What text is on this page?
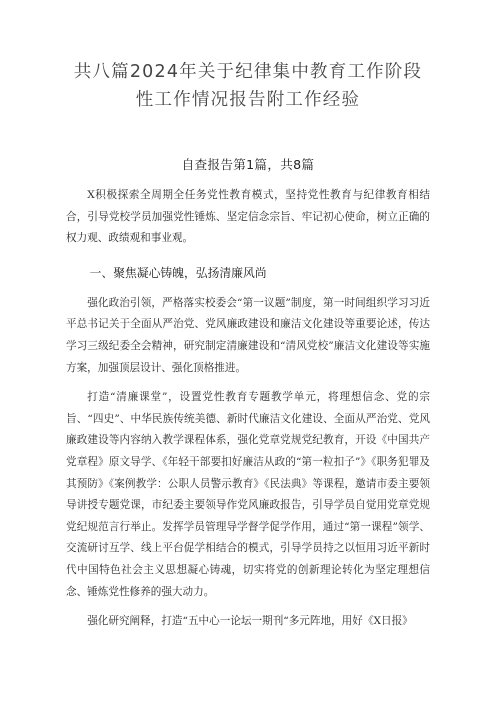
共八篇2024年关于纪律集中教育工作阶段性工作情况报告附工作经验
自查报告第1篇，共8篇

X积极探索全周期全任务党性教育模式，坚持党性教育与纪律教育相结合，引导党校学员加强党性锤炼、坚定信念宗旨、牢记初心使命，树立正确的权力观、政绩观和事业观。

一、聚焦凝心铸魄，弘扬清廉风尚

强化政治引领，严格落实校委会“第一议题”制度，第一时间组织学习习近平总书记关于全面从严治党、党风廉政建设和廉洁文化建设等重要论述，传达学习三级纪委全会精神，研究制定清廉建设和“清风党校”廉洁文化建设等实施方案，加强顶层设计、强化顶格推进。

打造“清廉课堂”，设置党性教育专题教学单元，将理想信念、党的宗旨、“四史”、中华民族传统美德、新时代廉洁文化建设、全面从严治党、党风廉政建设等内容纳入教学课程体系，强化党章党规党纪教育，开设《中国共产党章程》原文导学、《年轻干部要扣好廉洁从政的“第一粒扣子”》《职务犯罪及其预防》《案例教学：公职人员警示教育》《民法典》等课程，邀请市委主要领导讲授专题党课，市纪委主要领导作党风廉政报告，引导学员自觉用党章党规党纪规范言行举止。发挥学员管理导学督学促学作用，通过“第一课程”领学、交流研讨互学、线上平台促学相结合的模式，引导学员持之以恒用习近平新时代中国特色社会主义思想凝心铸魂，切实将党的创新理论转化为坚定理想信念、锤炼党性修养的强大动力。

强化研究阐释，打造“五中心一论坛一期刊“多元阵地，用好《X日报》
